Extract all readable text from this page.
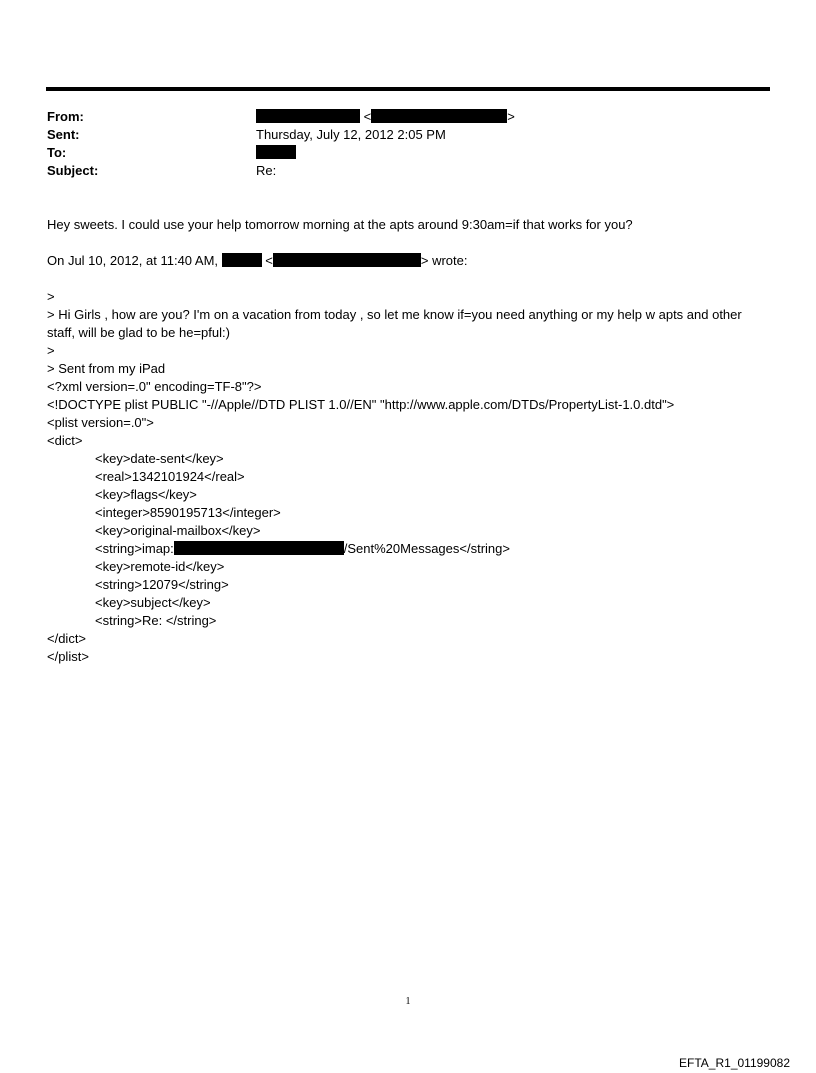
From:	<	>
Sent:	Thursday, July 12, 2012 2:05 PM
To:
Subject:	Re:
Hey sweets. I could use your help tomorrow morning at the apts around 9:30am=if that works for you?
On Jul 10, 2012, at 11:40 AM,	<	> wrote:
>
> Hi Girls , how are you? I'm on a vacation from today , so let me know if=you need anything or my help w apts and other staff, will be glad to be he=pful:)
>
> Sent from my iPad
<?xml version=.0" encoding=TF-8"?>
<!DOCTYPE plist PUBLIC "-//Apple//DTD PLIST 1.0//EN" "http://www.apple.com/DTDs/PropertyList-1.0.dtd">
<plist version=.0">
<dict>
<key>date-sent</key>
<real>1342101924</real>
<key>flags</key>
<integer>8590195713</integer>
<key>original-mailbox</key>
<string>imap:	/Sent%20Messages</string>
<key>remote-id</key>
<string>12079</string>
<key>subject</key>
<string>Re: </string>
</dict>
</plist>
1
EFTA_R1_01199082
